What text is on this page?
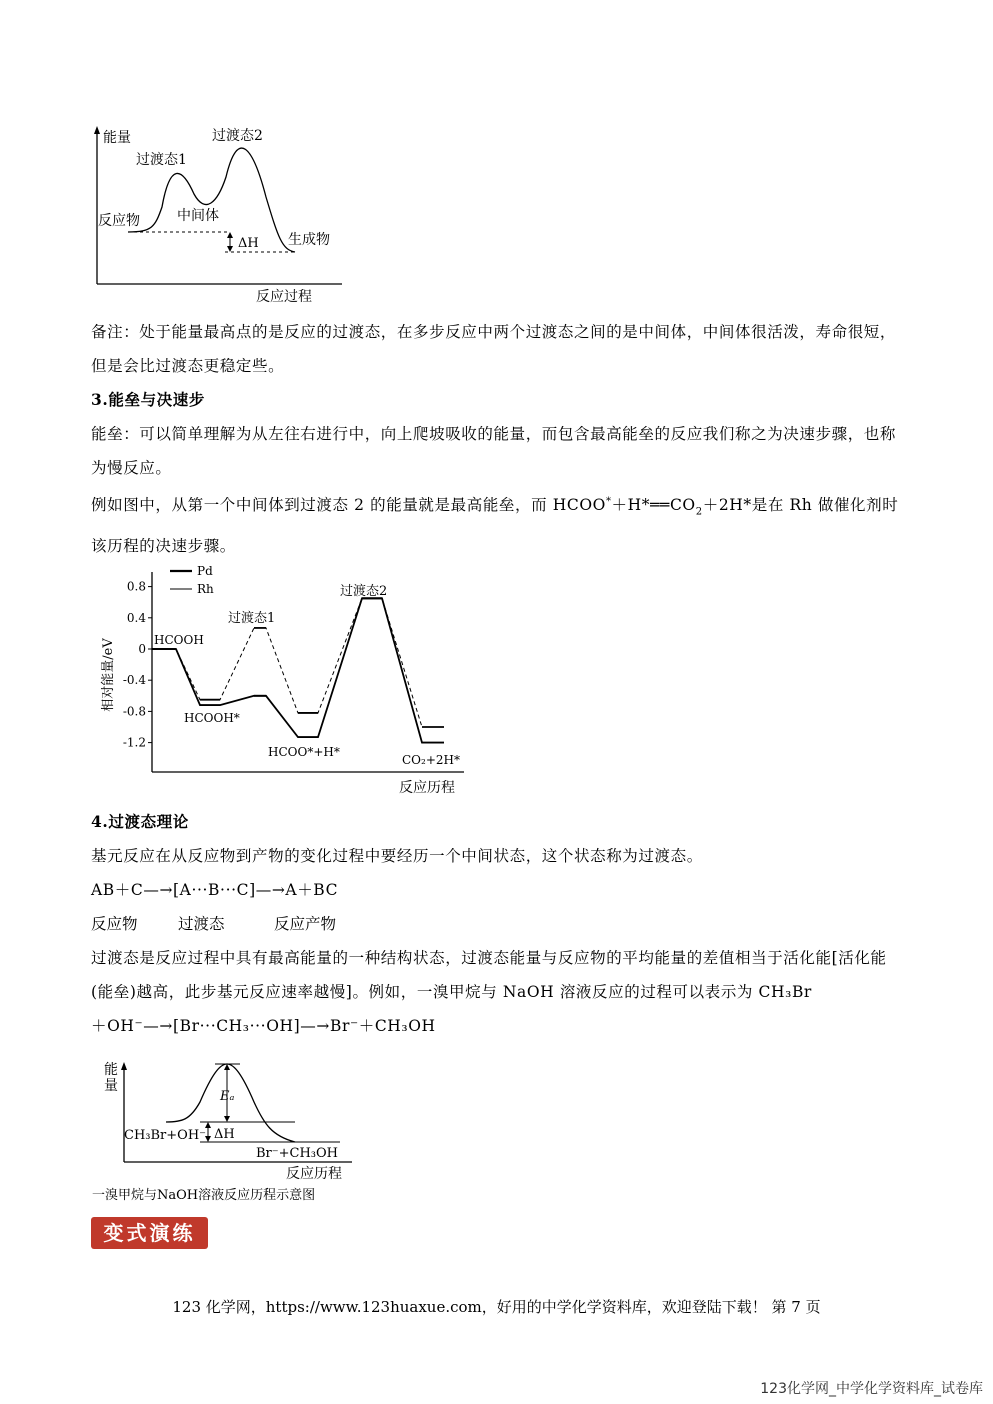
能量
过渡态1
过渡态2
反应物	中间体
ΔH 生成物
反应过程
备注：处于能量最高点的是反应的过渡态，在多步反应中两个过渡态之间的是中间体，中间体很活泼，寿命很短，但是会比过渡态更稳定些。
3.能垒与决速步
能垒：可以简单理解为从左往右进行中，向上爬坡吸收的能量，而包含最高能垒的反应我们称之为决速步骤，也称为慢反应。
例如图中，从第一个中间体到过渡态 2 的能量就是最高能垒，而 $HCOO^*+H*══CO_2+2H*$是在 Rh 做催化剂时该历程的决速步骤。
相对能量/eV
反应历程
0.8
0.4
0
-0.4
-0.8
-1.2
Pd
Rh
HCOOH
HCOOH*
过渡态1
HCOO*+H*
过渡态2
CO₂+2H*
4.过渡态理论
基元反应在从反应物到产物的变化过程中要经历一个中间状态，这个状态称为过渡态。
AB＋C—→[A···B···C]—→A＋BC
反应物	过渡态	反应产物
过渡态是反应过程中具有最高能量的一种结构状态，过渡态能量与反应物的平均能量的差值相当于活化能[活化能(能垒)越高，此步基元反应速率越慢]。例如，一溴甲烷与 NaOH 溶液反应的过程可以表示为 CH₃Br
＋OH⁻—→[Br···CH₃···OH]—→Br⁻＋CH₃OH
能
量
Eₐ
CH₃Br+OH⁻ ΔH
Br⁻+CH₃OH
反应历程
一溴甲烷与NaOH溶液反应历程示意图
变式演练
123 化学网，https://www.123huaxue.com，好用的中学化学资料库，欢迎登陆下载！ 第 7 页
123化学网_中学化学资料库_试卷库
